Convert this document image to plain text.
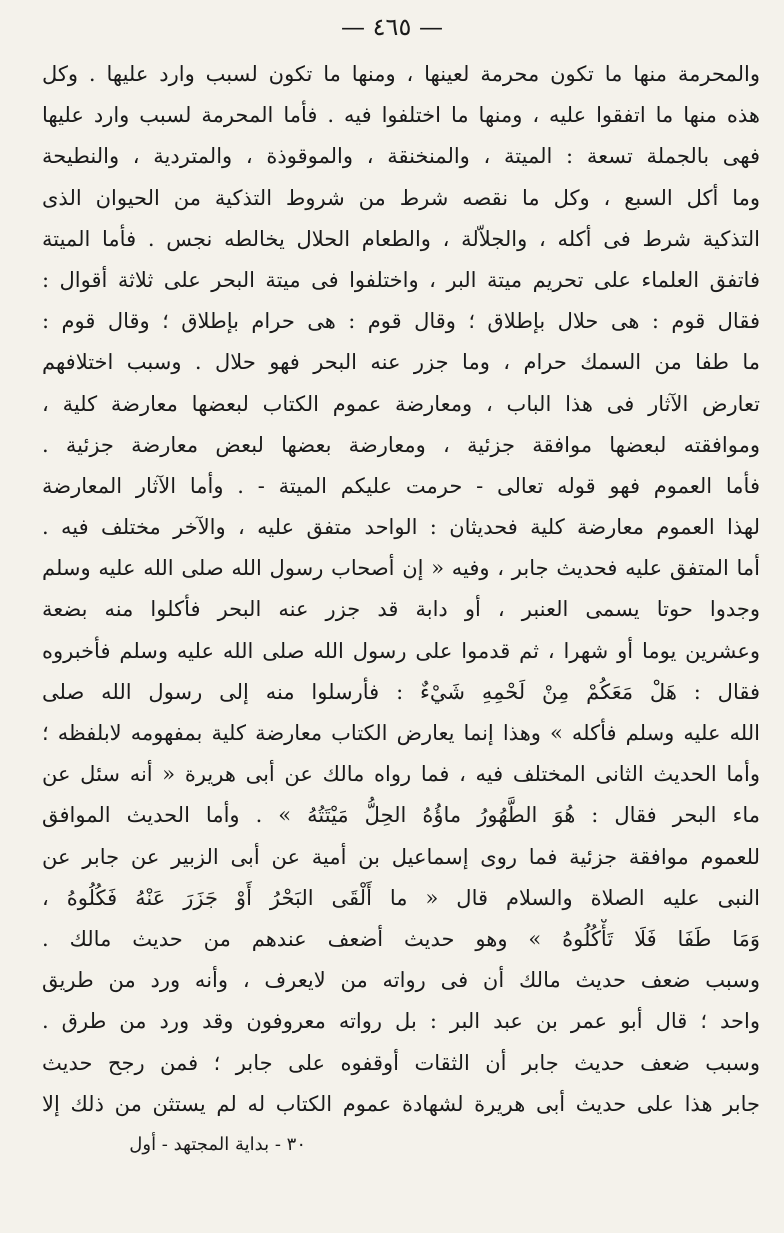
— ٤٦٥ —
والمحرمة منها ما تكون محرمة لعينها ، ومنها ما تكون لسبب وارد عليها . وكل
هذه منها ما اتفقوا عليه ، ومنها ما اختلفوا فيه . فأما المحرمة لسبب وارد عليها
فهى بالجملة تسعة : الميتة ، والمنخنقة ، والموقوذة ، والمتردية ، والنطيحة
وما أكل السبع ، وكل ما نقصه شرط من شروط التذكية من الحيوان الذى
التذكية شرط فى أكله ، والجلاّلة ، والطعام الحلال يخالطه نجس . فأما الميتة
فاتفق العلماء على تحريم ميتة البر ، واختلفوا فى ميتة البحر على ثلاثة أقوال :
فقال قوم : هى حلال بإطلاق ؛ وقال قوم : هى حرام بإطلاق ؛ وقال قوم :
ما طفا من السمك حرام ، وما جزر عنه البحر فهو حلال . وسبب اختلافهم
تعارض الآثار فى هذا الباب ، ومعارضة عموم الكتاب لبعضها معارضة كلية ،
وموافقته لبعضها موافقة جزئية ، ومعارضة بعضها لبعض معارضة جزئية .
فأما العموم فهو قوله تعالى - حرمت عليكم الميتة - . وأما الآثار المعارضة
لهذا العموم معارضة كلية فحديثان : الواحد متفق عليه ، والآخر مختلف فيه .
أما المتفق عليه فحديث جابر ، وفيه « إن أصحاب رسول الله صلى الله عليه وسلم
وجدوا حوتا يسمى العنبر ، أو دابة قد جزر عنه البحر فأكلوا منه بضعة
وعشرين يوما أو شهرا ، ثم قدموا على رسول الله صلى الله عليه وسلم فأخبروه
فقال : هَلْ مَعَكُمْ مِنْ لَحْمِهِ شَيْءٌ : فأرسلوا منه إلى رسول الله صلى
الله عليه وسلم فأكله » وهذا إنما يعارض الكتاب معارضة كلية بمفهومه لابلفظه ؛
وأما الحديث الثانى المختلف فيه ، فما رواه مالك عن أبى هريرة « أنه سئل عن
ماء البحر فقال : هُوَ الطَّهُورُ ماؤُهُ الحِلُّ مَيْتَتُهُ » . وأما الحديث الموافق
للعموم موافقة جزئية فما روى إسماعيل بن أمية عن أبى الزبير عن جابر عن
النبى عليه الصلاة والسلام قال « ما أَلْقَى البَحْرُ أَوْ جَزَرَ عَنْهُ فَكُلُوهُ ،
وَمَا طَفَا فَلَا تَأْكُلُوهُ » وهو حديث أضعف عندهم من حديث مالك .
وسبب ضعف حديث مالك أن فى رواته من لايعرف ، وأنه ورد من طريق
واحد ؛ قال أبو عمر بن عبد البر : بل رواته معروفون وقد ورد من طرق .
وسبب ضعف حديث جابر أن الثقات أوقفوه على جابر ؛ فمن رجح حديث
جابر هذا على حديث أبى هريرة لشهادة عموم الكتاب له لم يستثن من ذلك إلا
٣٠ - بداية المجتهد - أول
